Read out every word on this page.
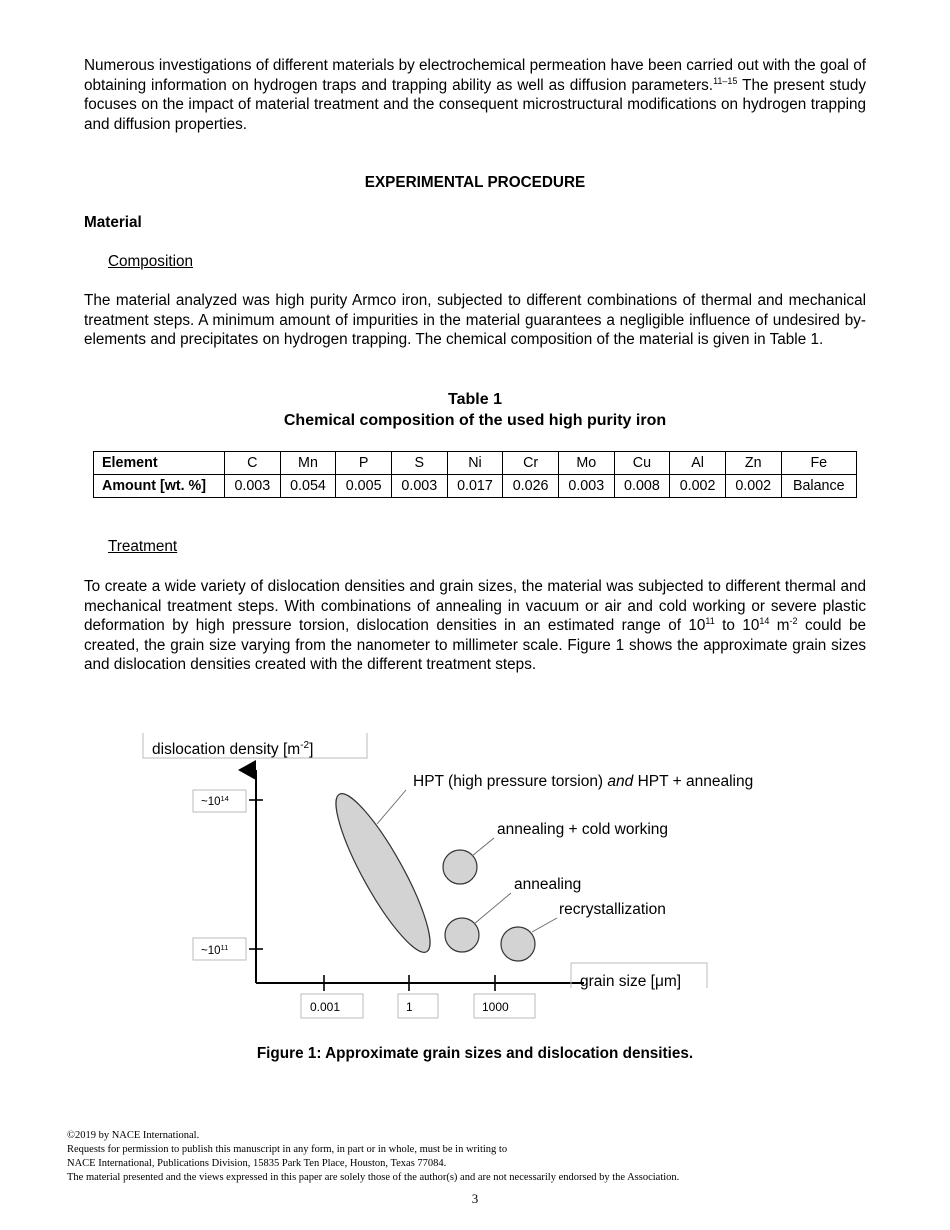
Numerous investigations of different materials by electrochemical permeation have been carried out with the goal of obtaining information on hydrogen traps and trapping ability as well as diffusion parameters.$^{11-15}$ The present study focuses on the impact of material treatment and the consequent microstructural modifications on hydrogen trapping and diffusion properties.

EXPERIMENTAL PROCEDURE

Material

Composition

The material analyzed was high purity Armco iron, subjected to different combinations of thermal and mechanical treatment steps. A minimum amount of impurities in the material guarantees a negligible influence of undesired by-elements and precipitates on hydrogen trapping. The chemical composition of the material is given in Table 1.

Table 1

Chemical composition of the used high purity iron

Element	C	Mn	P	S	Ni	Cr	Mo	Cu	Al	Zn	Fe
Amount [wt. %]	0.003	0.054	0.005	0.003	0.017	0.026	0.003	0.008	0.002	0.002	Balance

Treatment

To create a wide variety of dislocation densities and grain sizes, the material was subjected to different thermal and mechanical treatment steps. With combinations of annealing in vacuum or air and cold working or severe plastic deformation by high pressure torsion, dislocation densities in an estimated range of $10^{11}$ to $10^{14}$ $m^{-2}$ could be created, the grain size varying from the nanometer to millimeter scale. Figure 1 shows the approximate grain sizes and dislocation densities created with the different treatment steps.

dislocation density $[m^{-2}]$
$\sim 10^{14}$
$\sim 10^{11}$
0.001	1	1000
grain size [μm]
HPT (high pressure torsion) and HPT + annealing
annealing + cold working
annealing
recrystallization

Figure 1: Approximate grain sizes and dislocation densities.

©2019 by NACE International.
Requests for permission to publish this manuscript in any form, in part or in whole, must be in writing to
NACE International, Publications Division, 15835 Park Ten Place, Houston, Texas 77084.
The material presented and the views expressed in this paper are solely those of the author(s) and are not necessarily endorsed by the Association.

3
